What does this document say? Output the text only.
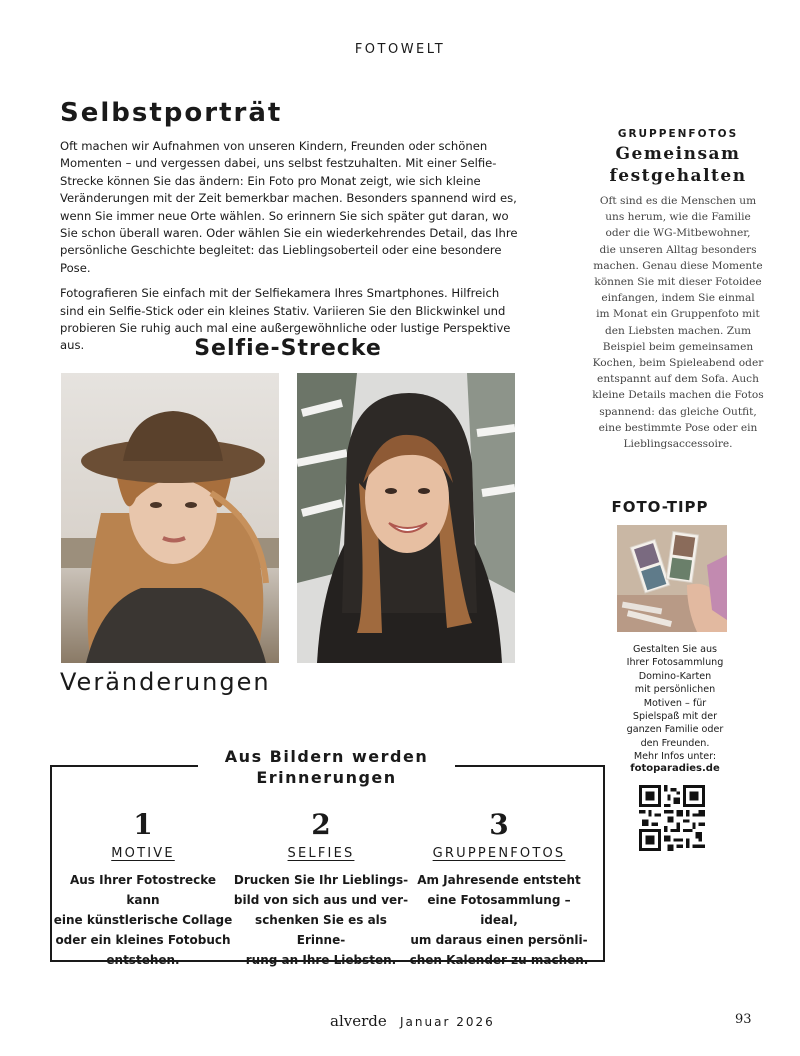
FOTOWELT
Selbstporträt

Oft machen wir Aufnahmen von unseren Kindern, Freunden oder schönen Momenten – und vergessen dabei, uns selbst festzuhalten. Mit einer Selfie-Strecke können Sie das ändern: Ein Foto pro Monat zeigt, wie sich kleine Veränderungen mit der Zeit bemerkbar machen. Besonders spannend wird es, wenn Sie immer neue Orte wählen. So erinnern Sie sich später gut daran, wo Sie schon überall waren. Oder wählen Sie ein wiederkehrendes Detail, das Ihre persönliche Geschichte begleitet: das Lieblingsoberteil oder eine besondere Pose.

Fotografieren Sie einfach mit der Selfiekamera Ihres Smartphones. Hilfreich sind ein Selfie-Stick oder ein kleines Stativ. Variieren Sie den Blickwinkel und probieren Sie ruhig auch mal eine außergewöhnliche oder lustige Perspektive aus.	Selfie-Strecke
Veränderungen
Aus Bildern werden
Erinnerungen
1
MOTIVE
Aus Ihrer Fotostrecke kann
eine künstlerische Collage
oder ein kleines Fotobuch
entstehen.
2
SELFIES
Drucken Sie Ihr Lieblings-
bild von sich aus und ver-
schenken Sie es als Erinne-
rung an Ihre Liebsten.
3
GRUPPENFOTOS
Am Jahresende entsteht
eine Fotosammlung – ideal,
um daraus einen persönli-
chen Kalender zu machen.
GRUPPENFOTOS
Gemeinsam
festgehalten
Oft sind es die Menschen um
uns herum, wie die Familie
oder die WG-Mitbewohner,
die unseren Alltag besonders
machen. Genau diese Momente
können Sie mit dieser Fotoidee
einfangen, indem Sie einmal
im Monat ein Gruppenfoto mit
den Liebsten machen. Zum
Beispiel beim gemeinsamen
Kochen, beim Spieleabend oder
entspannt auf dem Sofa. Auch
kleine Details machen die Fotos
spannend: das gleiche Outfit,
eine bestimmte Pose oder ein
Lieblingsaccessoire.
FOTO-TIPP
Gestalten Sie aus
Ihrer Fotosammlung
Domino-Karten
mit persönlichen
Motiven – für
Spielspaß mit der
ganzen Familie oder
den Freunden.
Mehr Infos unter:
fotoparadies.de
alverde Januar 2026	93
